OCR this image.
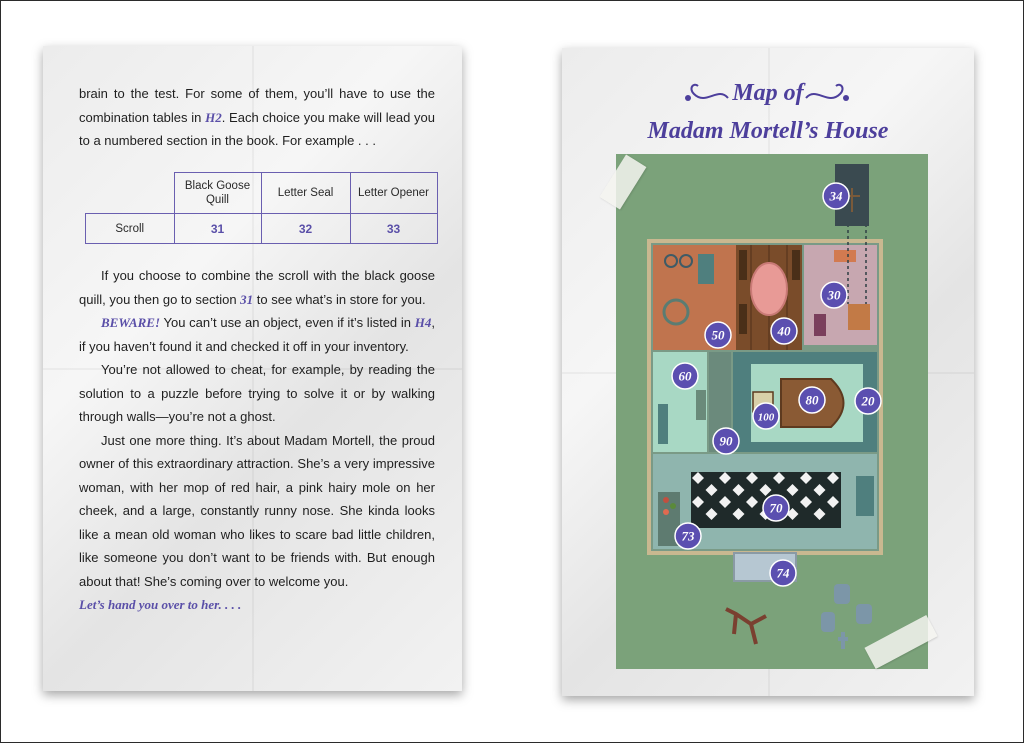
brain to the test. For some of them, you’ll have to use the combination tables in H2. Each choice you make will lead you to a numbered section in the book. For example . . .

	Black Goose Quill	Letter Seal	Letter Opener
Scroll	31	32	33

If you choose to combine the scroll with the black goose quill, you then go to section 31 to see what’s in store for you.

BEWARE! You can’t use an object, even if it’s listed in H4, if you haven’t found it and checked it off in your inventory.

You’re not allowed to cheat, for example, by reading the solution to a puzzle before trying to solve it or by walking through walls—you’re not a ghost.

Just one more thing. It’s about Madam Mortell, the proud owner of this extraordinary attraction. She’s a very impressive woman, with her mop of red hair, a pink hairy mole on her cheek, and a large, constantly runny nose. She kinda looks like a mean old woman who likes to scare bad little children, like someone you don’t want to be friends with. But enough about that! She’s coming over to welcome you.

Let’s hand you over to her. . . .

Map of
Madam Mortell’s House
34
30
40
50
60
100
80	20
90
70
73
74
